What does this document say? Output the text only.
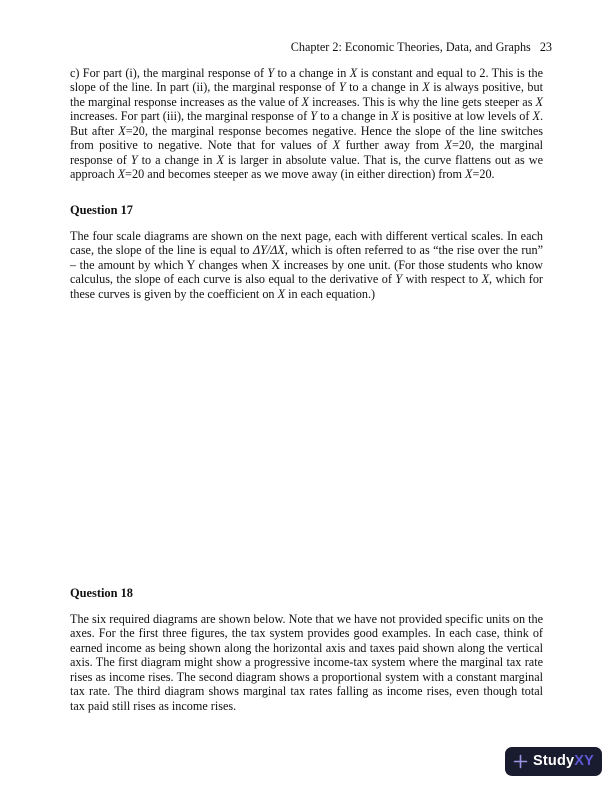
Chapter 2: Economic Theories, Data, and Graphs 23

c) For part (i), the marginal response of Y to a change in X is constant and equal to 2. This is the slope of the line. In part (ii), the marginal response of Y to a change in X is always positive, but the marginal response increases as the value of X increases. This is why the line gets steeper as X increases. For part (iii), the marginal response of Y to a change in X is positive at low levels of X. But after X=20, the marginal response becomes negative. Hence the slope of the line switches from positive to negative. Note that for values of X further away from X=20, the marginal response of Y to a change in X is larger in absolute value. That is, the curve flattens out as we approach X=20 and becomes steeper as we move away (in either direction) from X=20.

Question 17

The four scale diagrams are shown on the next page, each with different vertical scales. In each case, the slope of the line is equal to ΔY/ΔX, which is often referred to as “the rise over the run” – the amount by which Y changes when X increases by one unit. (For those students who know calculus, the slope of each curve is also equal to the derivative of Y with respect to X, which for these curves is given by the coefficient on X in each equation.)

Question 18

The six required diagrams are shown below. Note that we have not provided specific units on the axes. For the first three figures, the tax system provides good examples. In each case, think of earned income as being shown along the horizontal axis and taxes paid shown along the vertical axis. The first diagram might show a progressive income-tax system where the marginal tax rate rises as income rises. The second diagram shows a proportional system with a constant marginal tax rate. The third diagram shows marginal tax rates falling as income rises, even though total tax paid still rises as income rises.

StudyXY
